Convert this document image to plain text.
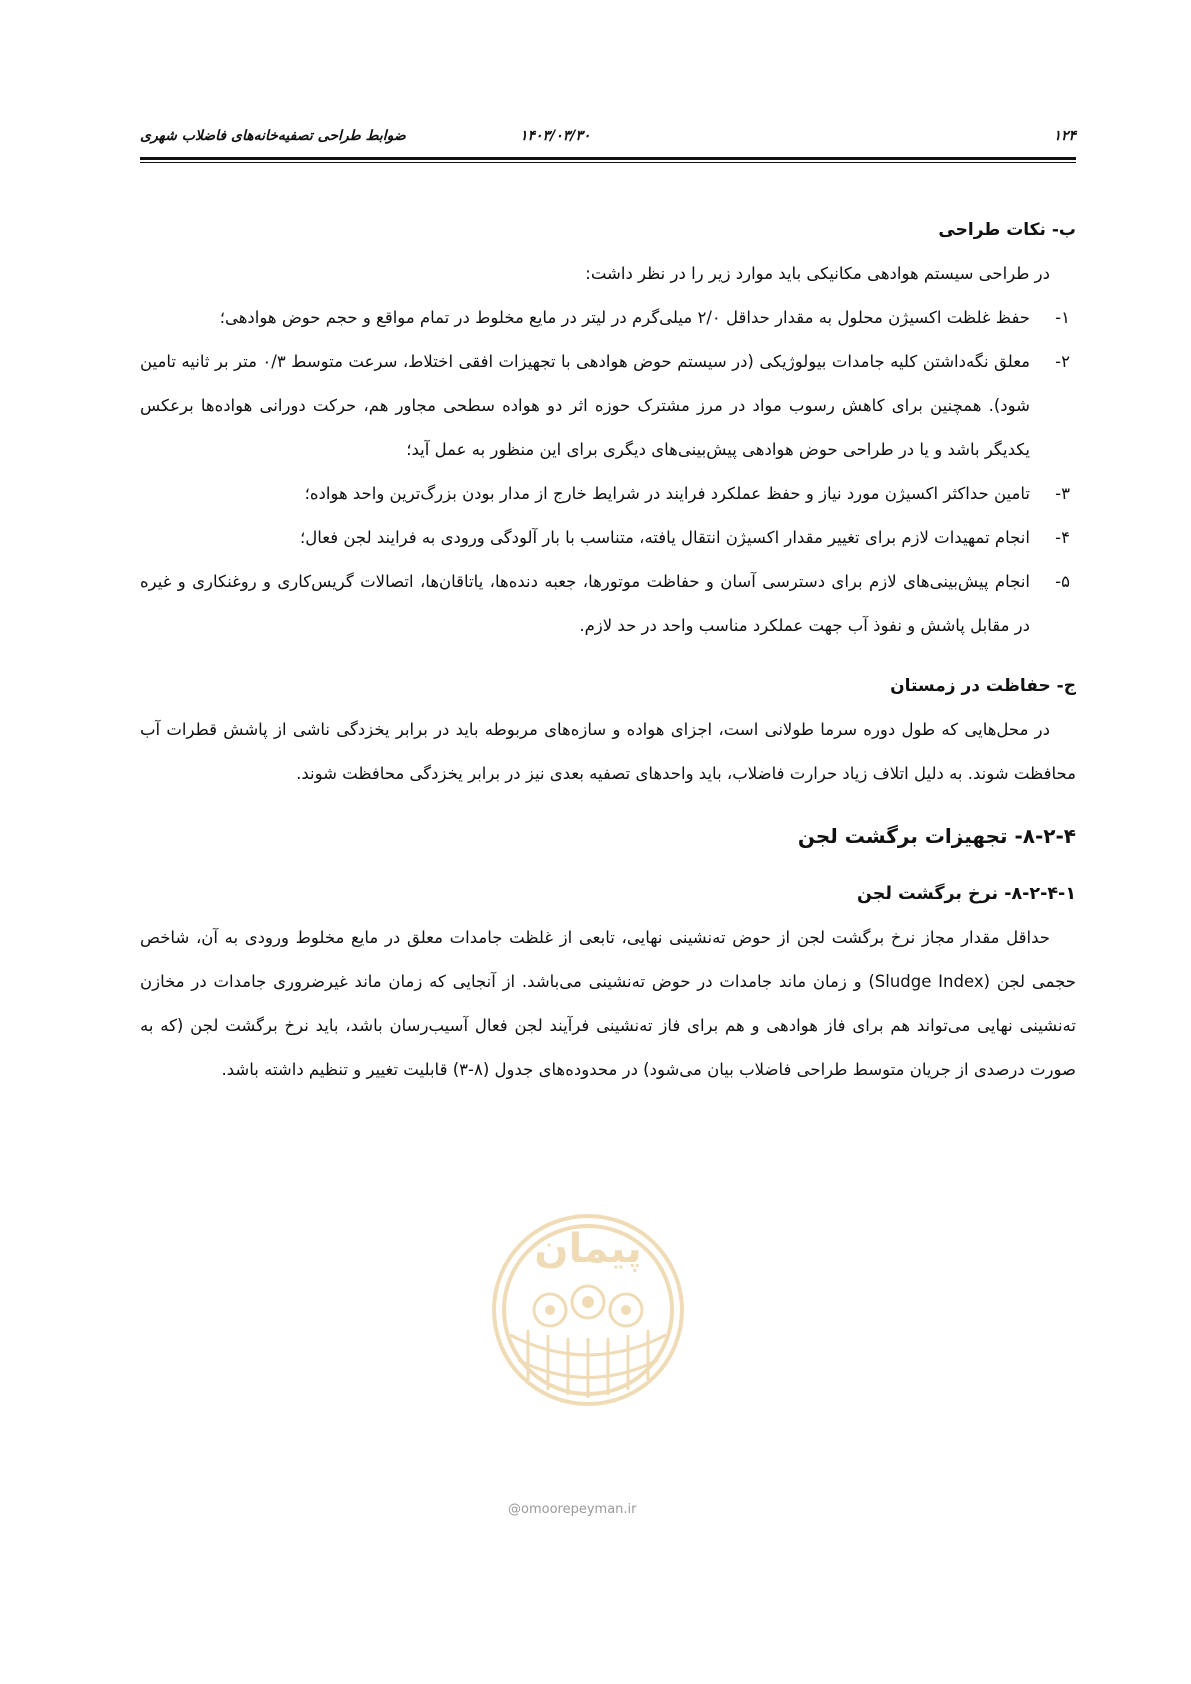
۱۲۴
۱۴۰۳/۰۳/۳۰
ضوابط طراحی تصفیه‌خانه‌های فاضلاب شهری
ب- نکات طراحی

در طراحی سیستم هوادهی مکانیکی باید موارد زیر را در نظر داشت:

۱-
حفظ غلظت اکسیژن محلول به مقدار حداقل ۲/۰ میلی‌گرم در لیتر در مایع مخلوط در تمام مواقع و حجم حوض هوادهی؛
۲-
معلق نگه‌داشتن کلیه جامدات بیولوژیکی (در سیستم حوض هوادهی با تجهیزات افقی اختلاط، سرعت متوسط ۰/۳ متر بر ثانیه تامین شود). همچنین برای کاهش رسوب مواد در مرز مشترک حوزه اثر دو هواده سطحی مجاور هم، حرکت دورانی هواده‌ها برعکس یکدیگر باشد و یا در طراحی حوض هوادهی پیش‌بینی‌های دیگری برای این منظور به عمل آید؛
۳-
تامین حداکثر اکسیژن مورد نیاز و حفظ عملکرد فرایند در شرایط خارج از مدار بودن بزرگ‌ترین واحد هواده؛
۴-
انجام تمهیدات لازم برای تغییر مقدار اکسیژن انتقال یافته، متناسب با بار آلودگی ورودی به فرایند لجن فعال؛
۵-
انجام پیش‌بینی‌های لازم برای دسترسی آسان و حفاظت موتورها، جعبه دنده‌ها، یاتاقان‌ها، اتصالات گریس‌کاری و روغنکاری و غیره در مقابل پاشش و نفوذ آب جهت عملکرد مناسب واحد در حد لازم.
ج- حفاظت در زمستان

در محل‌هایی که طول دوره سرما طولانی است، اجزای هواده و سازه‌های مربوطه باید در برابر یخزدگی ناشی از پاشش قطرات آب محافظت شوند. به دلیل اتلاف زیاد حرارت فاضلاب، باید واحدهای تصفیه بعدی نیز در برابر یخزدگی محافظت شوند.

۸-۲-۴- تجهیزات برگشت لجن
۸-۲-۴-۱- نرخ برگشت لجن

حداقل مقدار مجاز نرخ برگشت لجن از حوض ته‌نشینی نهایی، تابعی از غلظت جامدات معلق در مایع مخلوط ورودی به آن، شاخص حجمی لجن (Sludge Index) و زمان ماند جامدات در حوض ته‌نشینی می‌باشد. از آنجایی که زمان ماند غیرضروری جامدات در مخازن ته‌نشینی نهایی می‌تواند هم برای فاز هوادهی و هم برای فاز ته‌نشینی فرآیند لجن فعال آسیب‌رسان باشد، باید نرخ برگشت لجن (که به صورت درصدی از جریان متوسط طراحی فاضلاب بیان می‌شود) در محدوده‌های جدول (۸-۳) قابلیت تغییر و تنظیم داشته باشد.

پیمان
@omoorepeyman.ir
